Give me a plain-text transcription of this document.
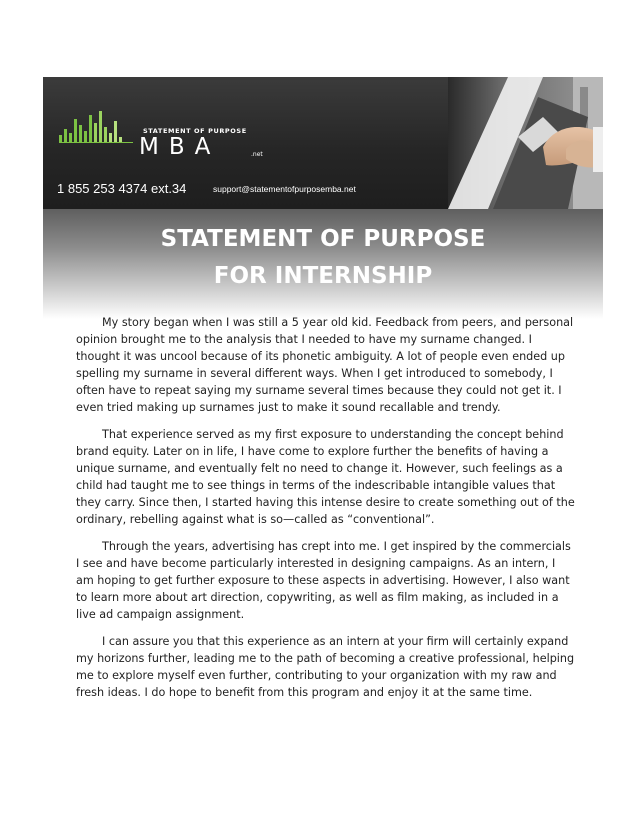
STATEMENT OF PURPOSE
MBA	.net
1 855 253 4374 ext.34	support@statementofpurposemba.net
STATEMENT OF PURPOSE
FOR INTERNSHIP

My story began when I was still a 5 year old kid. Feedback from peers, and personal opinion brought me to the analysis that I needed to have my surname changed. I thought it was uncool because of its phonetic ambiguity. A lot of people even ended up spelling my surname in several different ways. When I get introduced to somebody, I often have to repeat saying my surname several times because they could not get it. I even tried making up surnames just to make it sound recallable and trendy.

That experience served as my first exposure to understanding the concept behind brand equity. Later on in life, I have come to explore further the benefits of having a unique surname, and eventually felt no need to change it. However, such feelings as a child had taught me to see things in terms of the indescribable intangible values that they carry. Since then, I started having this intense desire to create something out of the ordinary, rebelling against what is so—called as “conventional”.

Through the years, advertising has crept into me. I get inspired by the commercials I see and have become particularly interested in designing campaigns. As an intern, I am hoping to get further exposure to these aspects in advertising. However, I also want to learn more about art direction, copywriting, as well as film making, as included in a live ad campaign assignment.

I can assure you that this experience as an intern at your firm will certainly expand my horizons further, leading me to the path of becoming a creative professional, helping me to explore myself even further, contributing to your organization with my raw and fresh ideas. I do hope to benefit from this program and enjoy it at the same time.
